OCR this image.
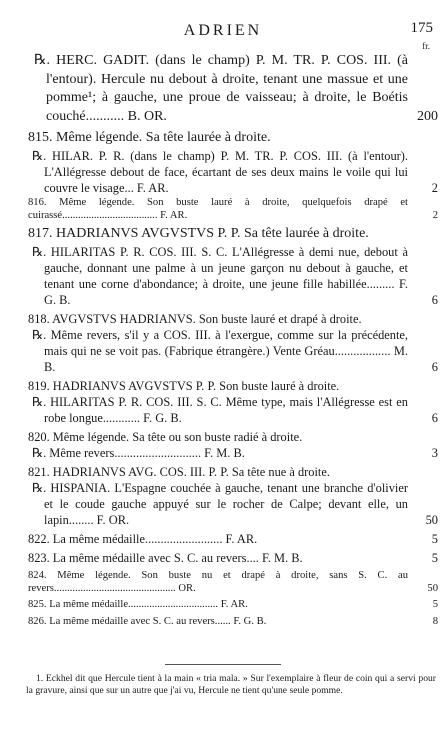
ADRIEN	175
fr.
℞. HERC. GADIT. (dans le champ) P. M. TR. P. COS. III. (à l'entour). Hercule nu debout à droite, tenant une massue et une pomme¹; à gauche, une proue de vaisseau; à droite, le Boétis couché........... B. OR.	200
815. Même légende. Sa tête laurée à droite.
℞. HILAR. P. R. (dans le champ) P. M. TR. P. COS. III. (à l'entour). L'Allégresse debout de face, écartant de ses deux mains le voile qui lui couvre le visage... F. AR.	2
816. Même légende. Son buste lauré à droite, quelquefois drapé et cuirassé.................................... F. AR.	2
817. HADRIANVS AVGVSTVS P. P. Sa tête laurée à droite.
℞. HILARITAS P. R. COS. III. S. C. L'Allégresse à demi nue, debout à gauche, donnant une palme à un jeune garçon nu debout à gauche, et tenant une corne d'abondance; à droite, une jeune fille habillée......... F. G. B.	6
818. AVGVSTVS HADRIANVS. Son buste lauré et drapé à droite.
℞. Même revers, s'il y a COS. III. à l'exergue, comme sur la précédente, mais qui ne se voit pas. (Fabrique étrangère.) Vente Gréau.................. M. B.	6
819. HADRIANVS AVGVSTVS P. P. Son buste lauré à droite.
℞. HILARITAS P. R. COS. III. S. C. Même type, mais l'Allégresse est en robe longue............ F. G. B.	6
820. Même légende. Sa tête ou son buste radié à droite.
℞. Même revers............................ F. M. B.	3
821. HADRIANVS AVG. COS. III. P. P. Sa tête nue à droite.
℞. HISPANIA. L'Espagne couchée à gauche, tenant une branche d'olivier et le coude gauche appuyé sur le rocher de Calpe; devant elle, un lapin........ F. OR.	50
822. La même médaille......................... F. AR.	5
823. La même médaille avec S. C. au revers.... F. M. B.	5
824. Même légende. Son buste nu et drapé à droite, sans S. C. au revers.............................................. OR.	50
825. La même médaille.................................. F. AR.	5
826. La même médaille avec S. C. au revers...... F. G. B.	8
1. Eckhel dit que Hercule tient à la main « tria mala. » Sur l'exemplaire à fleur de coin qui a servi pour la gravure, ainsi que sur un autre que j'ai vu, Hercule ne tient qu'une seule pomme.
